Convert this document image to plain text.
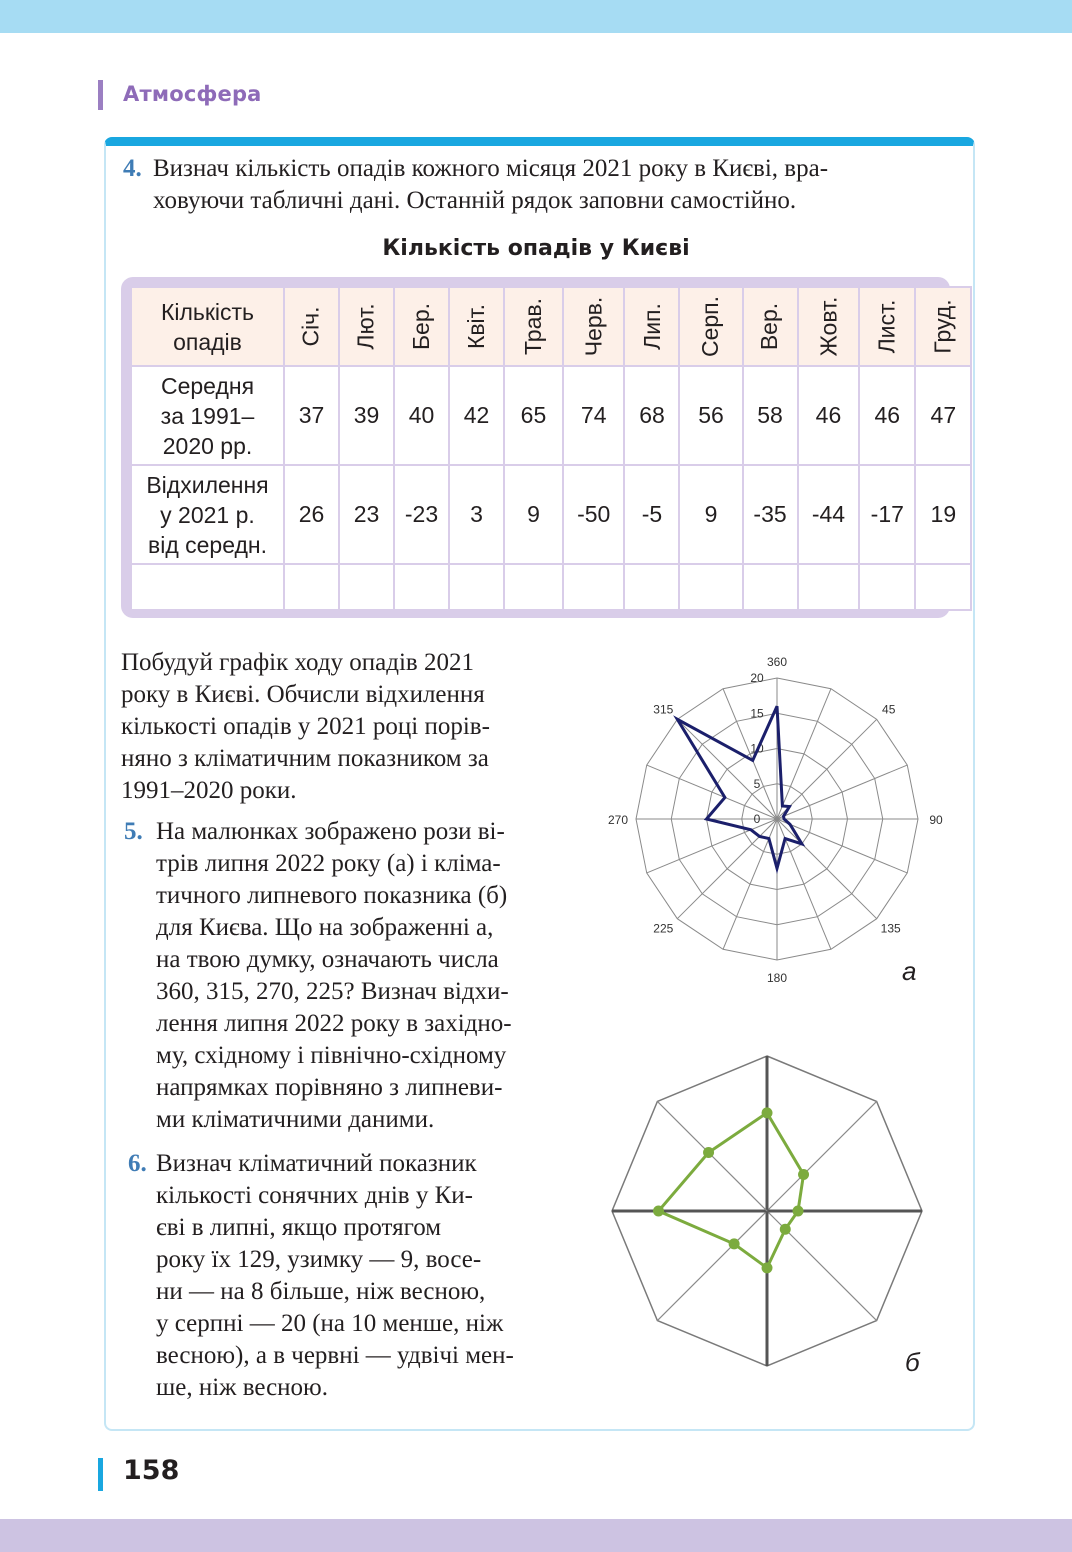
Атмосфера
4. Визнач кількість опадів кожного місяця 2021 року в Києві, вра-
ховуючи табличні дані. Останній рядок заповни самостійно.
Кількість опадів у Києві
Кількість
опадів	Січ.	Лют.	Бер.	Квіт.	Трав.	Черв.	Лип.	Серп.	Вер.	Жовт.	Лист.	Груд.

Середня
за 1991–
2020 рр.	37	39	40	42	65	74	68	56	58	46	46	47

Відхилення
у 2021 р.
від середн.	26	23	-23	3	9	-50	-5	9	-35	-44	-17	19

Побудуй графік ходу опадів 2021

року в Києві. Обчисли відхилення

кількості опадів у 2021 році порів-

няно з кліматичним показником за

1991–2020 роки.

5. На малюнках зображено рози ві-

трів липня 2022 року (а) і кліма-

тичного липневого показника (б)

для Києва. Що на зображенні а,

на твою думку, означають числа

360, 315, 270, 225? Визнач відхи-

лення липня 2022 року в західно-

му, східному і північно-східному

напрямках порівняно з липневи-

ми кліматичними даними.

6. Визнач кліматичний показник

кількості сонячних днів у Ки-

єві в липні, якщо протягом

року їх 129, узимку — 9, восе-

ни — на 8 більше, ніж весною,

у серпні — 20 (на 10 менше, ніж

весною), а в червні — удвічі мен-

ше, ніж весною.

360
45
90
135
180
225
270
315
0
5
10
15
20
а
б
158
